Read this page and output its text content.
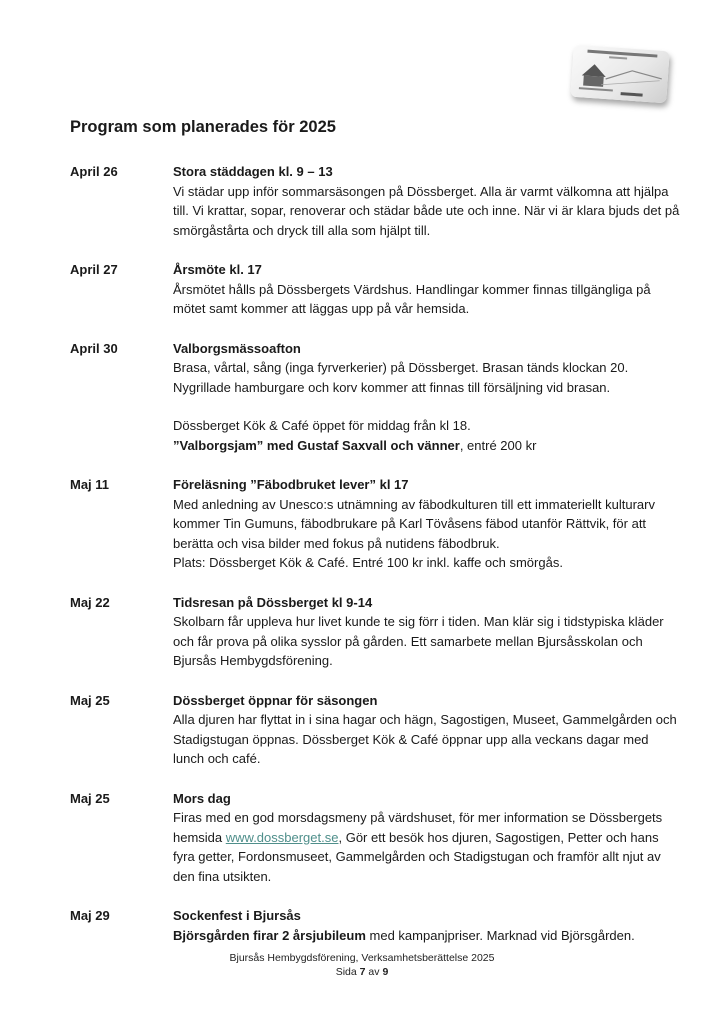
Program som planerades för 2025
April 26	Stora städdagen kl. 9 – 13
Vi städar upp inför sommarsäsongen på Dössberget. Alla är varmt välkomna att hjälpa till. Vi krattar, sopar, renoverar och städar både ute och inne. När vi är klara bjuds det på smörgåstårta och dryck till alla som hjälpt till.
April 27	Årsmöte kl. 17
Årsmötet hålls på Dössbergets Värdshus. Handlingar kommer finnas tillgängliga på mötet samt kommer att läggas upp på vår hemsida.
April 30	Valborgsmässoafton
Brasa, vårtal, sång (inga fyrverkerier) på Dössberget. Brasan tänds klockan 20. Nygrillade hamburgare och korv kommer att finnas till försäljning vid brasan.
Dössberget Kök & Café öppet för middag från kl 18.
”Valborgsjam” med Gustaf Saxvall och vänner, entré 200 kr
Maj 11	Föreläsning ”Fäbodbruket lever” kl 17
Med anledning av Unesco:s utnämning av fäbodkulturen till ett immateriellt kulturarv kommer Tin Gumuns, fäbodbrukare på Karl Tövåsens fäbod utanför Rättvik, för att berätta och visa bilder med fokus på nutidens fäbodbruk.
Plats: Dössberget Kök & Café. Entré 100 kr inkl. kaffe och smörgås.
Maj 22	Tidsresan på Dössberget kl 9-14
Skolbarn får uppleva hur livet kunde te sig förr i tiden. Man klär sig i tidstypiska kläder och får prova på olika sysslor på gården. Ett samarbete mellan Bjursåsskolan och Bjursås Hembygdsförening.
Maj 25	Dössberget öppnar för säsongen
Alla djuren har flyttat in i sina hagar och hägn, Sagostigen, Museet, Gammelgården och Stadigstugan öppnas. Dössberget Kök & Café öppnar upp alla veckans dagar med lunch och café.
Maj 25	Mors dag
Firas med en god morsdagsmeny på värdshuset, för mer information se Dössbergets hemsida www.dossberget.se, Gör ett besök hos djuren, Sagostigen, Petter och hans fyra getter, Fordonsmuseet, Gammelgården och Stadigstugan och framför allt njut av den fina utsikten.
Maj 29	Sockenfest i Bjursås
Björsgården firar 2 årsjubileum med kampanjpriser. Marknad vid Björsgården.
Bjursås Hembygdsförening, Verksamhetsberättelse 2025
Sida 7 av 9
